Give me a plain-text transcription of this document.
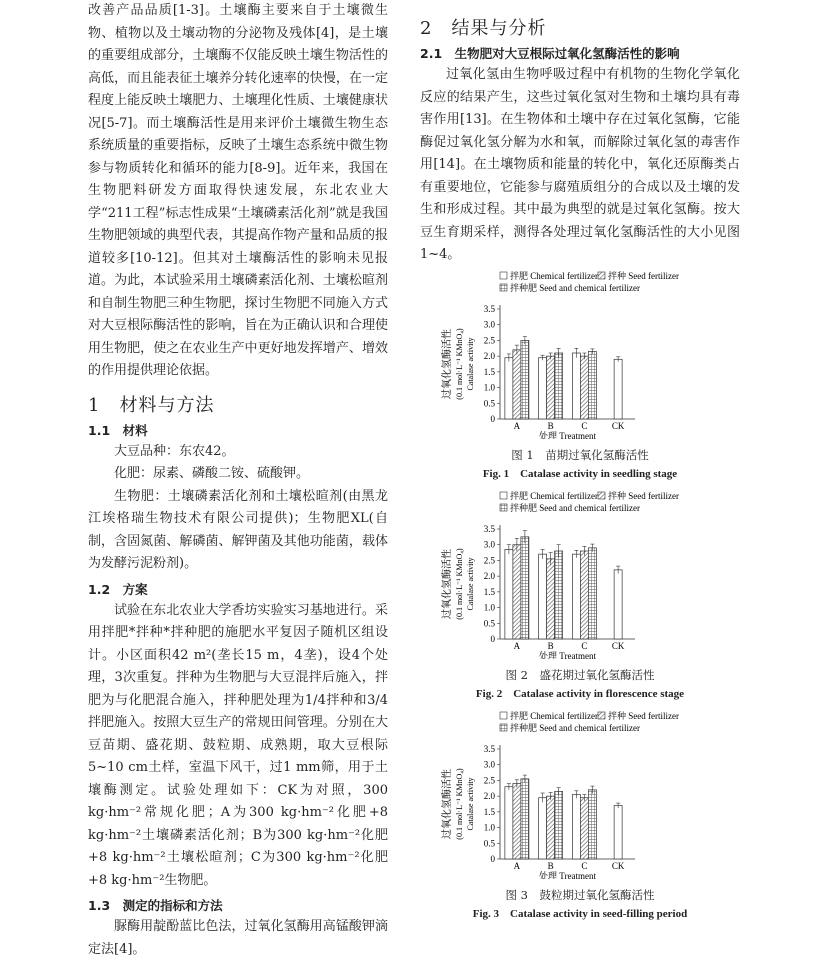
改善产品品质[1-3]。土壤酶主要来自于土壤微生物、植物以及土壤动物的分泌物及残体[4]，是土壤的重要组成部分，土壤酶不仅能反映土壤生物活性的高低，而且能表征土壤养分转化速率的快慢，在一定程度上能反映土壤肥力、土壤理化性质、土壤健康状况[5-7]。而土壤酶活性是用来评价土壤微生物生态系统质量的重要指标，反映了土壤生态系统中微生物参与物质转化和循环的能力[8-9]。近年来，我国在生物肥料研发方面取得快速发展，东北农业大学“211工程”标志性成果“土壤磷素活化剂”就是我国生物肥领域的典型代表，其提高作物产量和品质的报道较多[10-12]。但其对土壤酶活性的影响未见报道。为此，本试验采用土壤磷素活化剂、土壤松暄剂和自制生物肥三种生物肥，探讨生物肥不同施入方式对大豆根际酶活性的影响，旨在为正确认识和合理使用生物肥，使之在农业生产中更好地发挥增产、增效的作用提供理论依据。

1　材料与方法
1.1　材料

大豆品种：东农42。

化肥：尿素、磷酸二铵、硫酸钾。

生物肥：土壤磷素活化剂和土壤松暄剂(由黑龙江埃格瑞生物技术有限公司提供)；生物肥XL(自制，含固氮菌、解磷菌、解钾菌及其他功能菌，载体为发酵污泥粉剂)。

1.2　方案

试验在东北农业大学香坊实验实习基地进行。采用拌肥*拌种*拌种肥的施肥水平复因子随机区组设计。小区面积42 m²(垄长15 m，4垄)，设4个处理，3次重复。拌种为生物肥与大豆混拌后施入，拌肥为与化肥混合施入，拌种肥处理为1/4拌种和3/4拌肥施入。按照大豆生产的常规田间管理。分别在大豆苗期、盛花期、鼓粒期、成熟期，取大豆根际5~10 cm土样，室温下风干，过1 mm筛，用于土壤酶测定。试验处理如下：CK为对照，300 kg·hm⁻²常规化肥；A为300 kg·hm⁻²化肥+8 kg·hm⁻²土壤磷素活化剂；B为300 kg·hm⁻²化肥+8 kg·hm⁻²土壤松暄剂；C为300 kg·hm⁻²化肥+8 kg·hm⁻²生物肥。

1.3　测定的指标和方法

脲酶用靛酚蓝比色法，过氧化氢酶用高锰酸钾滴定法[4]。

2　结果与分析
2.1　生物肥对大豆根际过氧化氢酶活性的影响

过氧化氢由生物呼吸过程中有机物的生物化学氧化反应的结果产生，这些过氧化氢对生物和土壤均具有毒害作用[13]。在生物体和土壤中存在过氧化氢酶，它能酶促过氧化氢分解为水和氧，而解除过氧化氢的毒害作用[14]。在土壤物质和能量的转化中，氧化还原酶类占有重要地位，它能参与腐殖质组分的合成以及土壤的发生和形成过程。其中最为典型的就是过氧化氢酶。按大豆生育期采样，测得各处理过氧化氢酶活性的大小见图1~4。

拌肥 Chemical fertilizer 拌种 Seed fertilizer
拌种肥 Seed and chemical fertilizer
0
0.5
1.0
1.5
2.0
2.5
3.0
3.5
过氧化氢酶活性 (0.1 mol·L⁻¹ KMnO₄) Catalase activity
A	B	C	CK
处理 Treatment
图 1　苗期过氧化氢酶活性
Fig. 1　Catalase activity in seedling stage
拌肥 Chemical fertilizer 拌种 Seed fertilizer
拌种肥 Seed and chemical fertilizer
0
0.5
1.0
1.5
2.0
2.5
3.0
3.5
过氧化氢酶活性 (0.1 mol·L⁻¹ KMnO₄) Catalase activity
A	B	C	CK
处理 Treatment
图 2　盛花期过氧化氢酶活性
Fig. 2　Catalase activity in florescence stage
拌肥 Chemical fertilizer 拌种 Seed fertilizer
拌种肥 Seed and chemical fertilizer
0
0.5
1.0
1.5
2.0
2.5
3.0
3.5
过氧化氢酶活性 (0.1 mol·L⁻¹ KMnO₄) Catalase activity
A	B	C	CK
处理 Treatment
图 3　鼓粒期过氧化氢酶活性
Fig. 3　Catalase activity in seed-filling period
